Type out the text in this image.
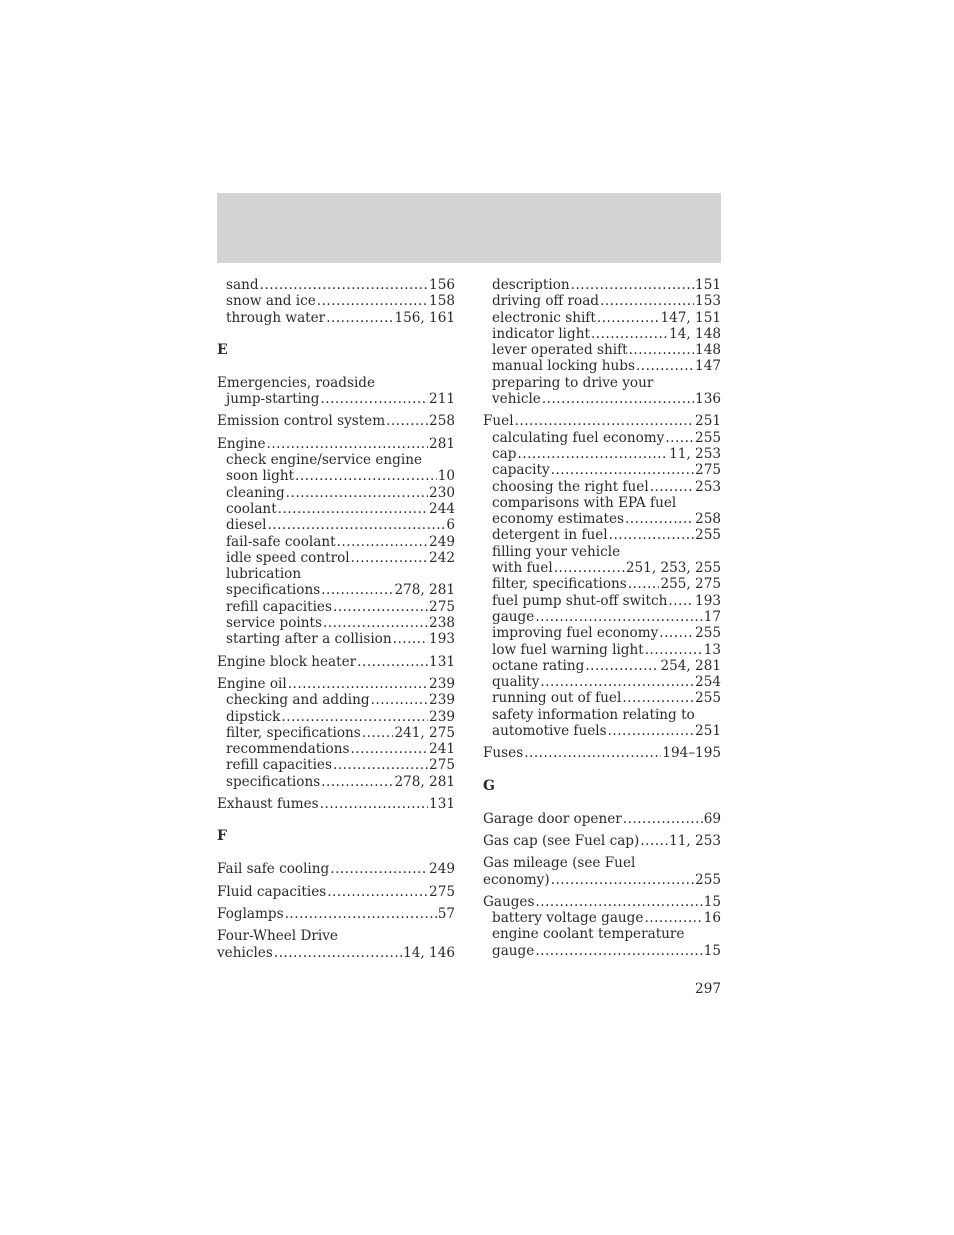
sand .....	156
snow and ice .....	158
through water .....	156, 161
E
Emergencies, roadside
jump-starting .....	211
Emission control system .....	258
Engine .....	281
check engine/service engine
soon light .....	10
cleaning .....	230
coolant .....	244
diesel .....	6
fail-safe coolant .....	249
idle speed control .....	242
lubrication
specifications .....	278, 281
refill capacities .....	275
service points .....	238
starting after a collision .....	193
Engine block heater .....	131
Engine oil .....	239
checking and adding .....	239
dipstick .....	239
filter, specifications ..... 241, 275
recommendations .....	241
refill capacities .....	275
specifications .....	278, 281
Exhaust fumes .....	131
F
Fail safe cooling .....	249
Fluid capacities .....	275
Foglamps .....	57
Four-Wheel Drive
vehicles .....	14, 146
description .....	151
driving off road .....	153
electronic shift .....	147, 151
indicator light .....	14, 148
lever operated shift .....	148
manual locking hubs .....	147
preparing to drive your
vehicle .....	136
Fuel .....	251
calculating fuel economy ..... 255
cap .....	11, 253
capacity .....	275
choosing the right fuel .....	253
comparisons with EPA fuel
economy estimates .....	258
detergent in fuel .....	255
filling your vehicle
with fuel .....	251, 253, 255
filter, specifications ..... 255, 275
fuel pump shut-off switch ..... 193
gauge .....	17
improving fuel economy .....	255
low fuel warning light .....	13
octane rating .....	254, 281
quality .....	254
running out of fuel .....	255
safety information relating to
automotive fuels .....	251
Fuses .....	194–195
G
Garage door opener .....	69
Gas cap (see Fuel cap) ..... 11, 253
Gas mileage (see Fuel
economy) .....	255
Gauges .....	15
battery voltage gauge .....	16
engine coolant temperature
gauge .....	15
297
